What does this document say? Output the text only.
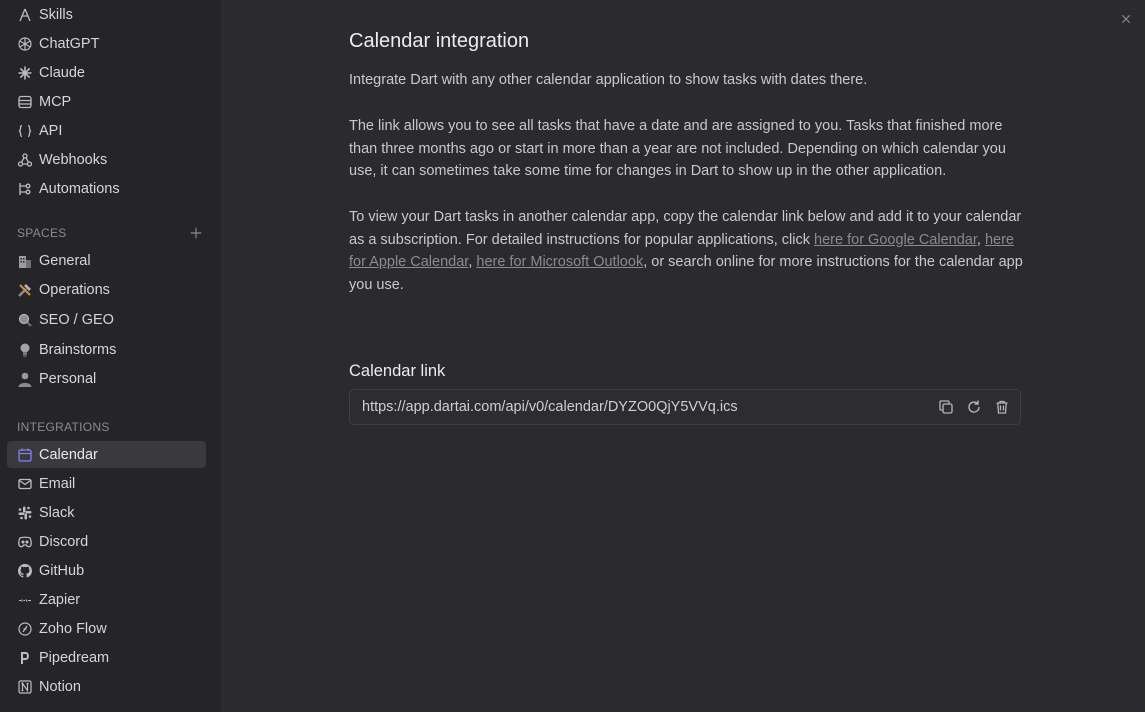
Skills
ChatGPT
Claude
MCP
API
Webhooks
Automations
SPACES
General
Operations
SEO / GEO
Brainstorms
Personal
INTEGRATIONS
Calendar
Email
Slack
Discord
GitHub
Zapier
Zoho Flow
Pipedream
Notion
Calendar integration

Integrate Dart with any other calendar application to show tasks with dates there.

The link allows you to see all tasks that have a date and are assigned to you. Tasks that finished more than three months ago or start in more than a year are not included. Depending on which calendar you use, it can sometimes take some time for changes in Dart to show up in the other application.

To view your Dart tasks in another calendar app, copy the calendar link below and add it to your calendar as a subscription. For detailed instructions for popular applications, click here for Google Calendar, here for Apple Calendar, here for Microsoft Outlook, or search online for more instructions for the calendar app you use.

Calendar link
https://app.dartai.com/api/v0/calendar/DYZO0QjY5VVq.ics
